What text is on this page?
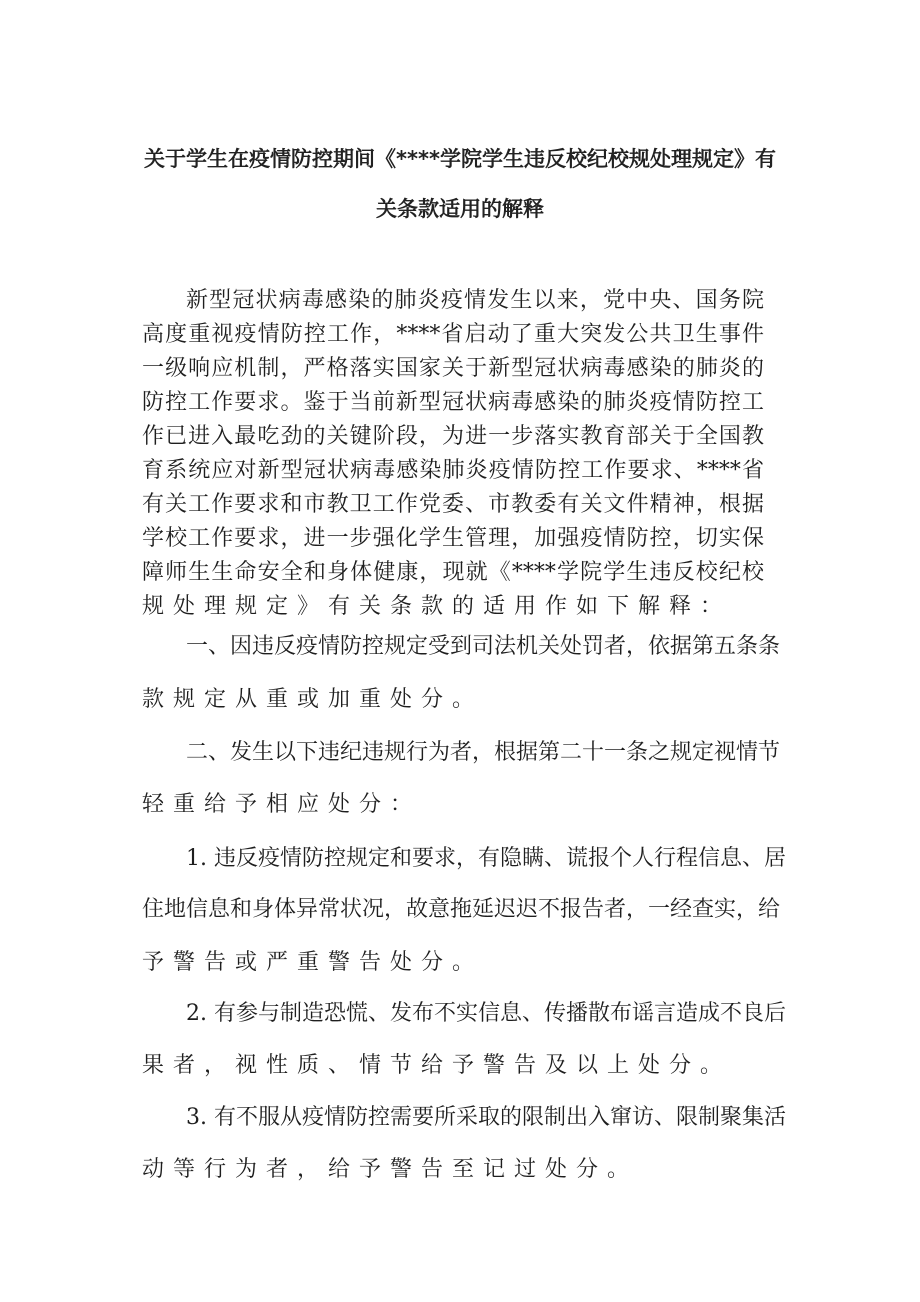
关于学生在疫情防控期间《****学院学生违反校纪校规处理规定》有
关条款适用的解释
新型冠状病毒感染的肺炎疫情发生以来，党中央、国务院
高度重视疫情防控工作，****省启动了重大突发公共卫生事件
一级响应机制，严格落实国家关于新型冠状病毒感染的肺炎的
防控工作要求。鉴于当前新型冠状病毒感染的肺炎疫情防控工
作已进入最吃劲的关键阶段，为进一步落实教育部关于全国教
育系统应对新型冠状病毒感染肺炎疫情防控工作要求、****省
有关工作要求和市教卫工作党委、市教委有关文件精神，根据
学校工作要求，进一步强化学生管理，加强疫情防控，切实保
障师生生命安全和身体健康，现就《****学院学生违反校纪校
规处理规定》有关条款的适用作如下解释：
一、因违反疫情防控规定受到司法机关处罚者，依据第五条条
款规定从重或加重处分。
二、发生以下违纪违规行为者，根据第二十一条之规定视情节
轻重给予相应处分：
1. 违反疫情防控规定和要求，有隐瞒、谎报个人行程信息、居
住地信息和身体异常状况，故意拖延迟迟不报告者，一经查实，给
予警告或严重警告处分。
2. 有参与制造恐慌、发布不实信息、传播散布谣言造成不良后
果者，视性质、情节给予警告及以上处分。
3. 有不服从疫情防控需要所采取的限制出入窜访、限制聚集活
动等行为者，给予警告至记过处分。
